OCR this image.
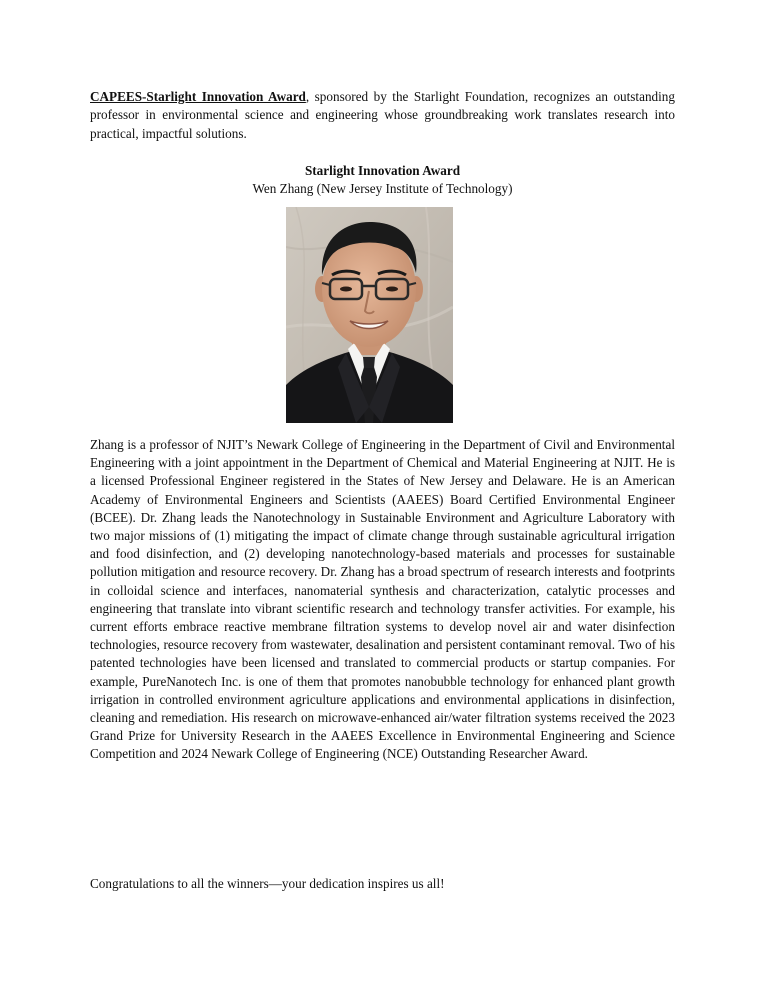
CAPEES-Starlight Innovation Award, sponsored by the Starlight Foundation, recognizes an outstanding professor in environmental science and engineering whose groundbreaking work translates research into practical, impactful solutions.

Starlight Innovation Award
Wen Zhang (New Jersey Institute of Technology)

Zhang is a professor of NJIT’s Newark College of Engineering in the Department of Civil and Environmental Engineering with a joint appointment in the Department of Chemical and Material Engineering at NJIT. He is a licensed Professional Engineer registered in the States of New Jersey and Delaware. He is an American Academy of Environmental Engineers and Scientists (AAEES) Board Certified Environmental Engineer (BCEE). Dr. Zhang leads the Nanotechnology in Sustainable Environment and Agriculture Laboratory with two major missions of (1) mitigating the impact of climate change through sustainable agricultural irrigation and food disinfection, and (2) developing nanotechnology-based materials and processes for sustainable pollution mitigation and resource recovery. Dr. Zhang has a broad spectrum of research interests and footprints in colloidal science and interfaces, nanomaterial synthesis and characterization, catalytic processes and engineering that translate into vibrant scientific research and technology transfer activities. For example, his current efforts embrace reactive membrane filtration systems to develop novel air and water disinfection technologies, resource recovery from wastewater, desalination and persistent contaminant removal. Two of his patented technologies have been licensed and translated to commercial products or startup companies. For example, PureNanotech Inc. is one of them that promotes nanobubble technology for enhanced plant growth irrigation in controlled environment agriculture applications and environmental applications in disinfection, cleaning and remediation. His research on microwave-enhanced air/water filtration systems received the 2023 Grand Prize for University Research in the AAEES Excellence in Environmental Engineering and Science Competition and 2024 Newark College of Engineering (NCE) Outstanding Researcher Award.

Congratulations to all the winners—your dedication inspires us all!
